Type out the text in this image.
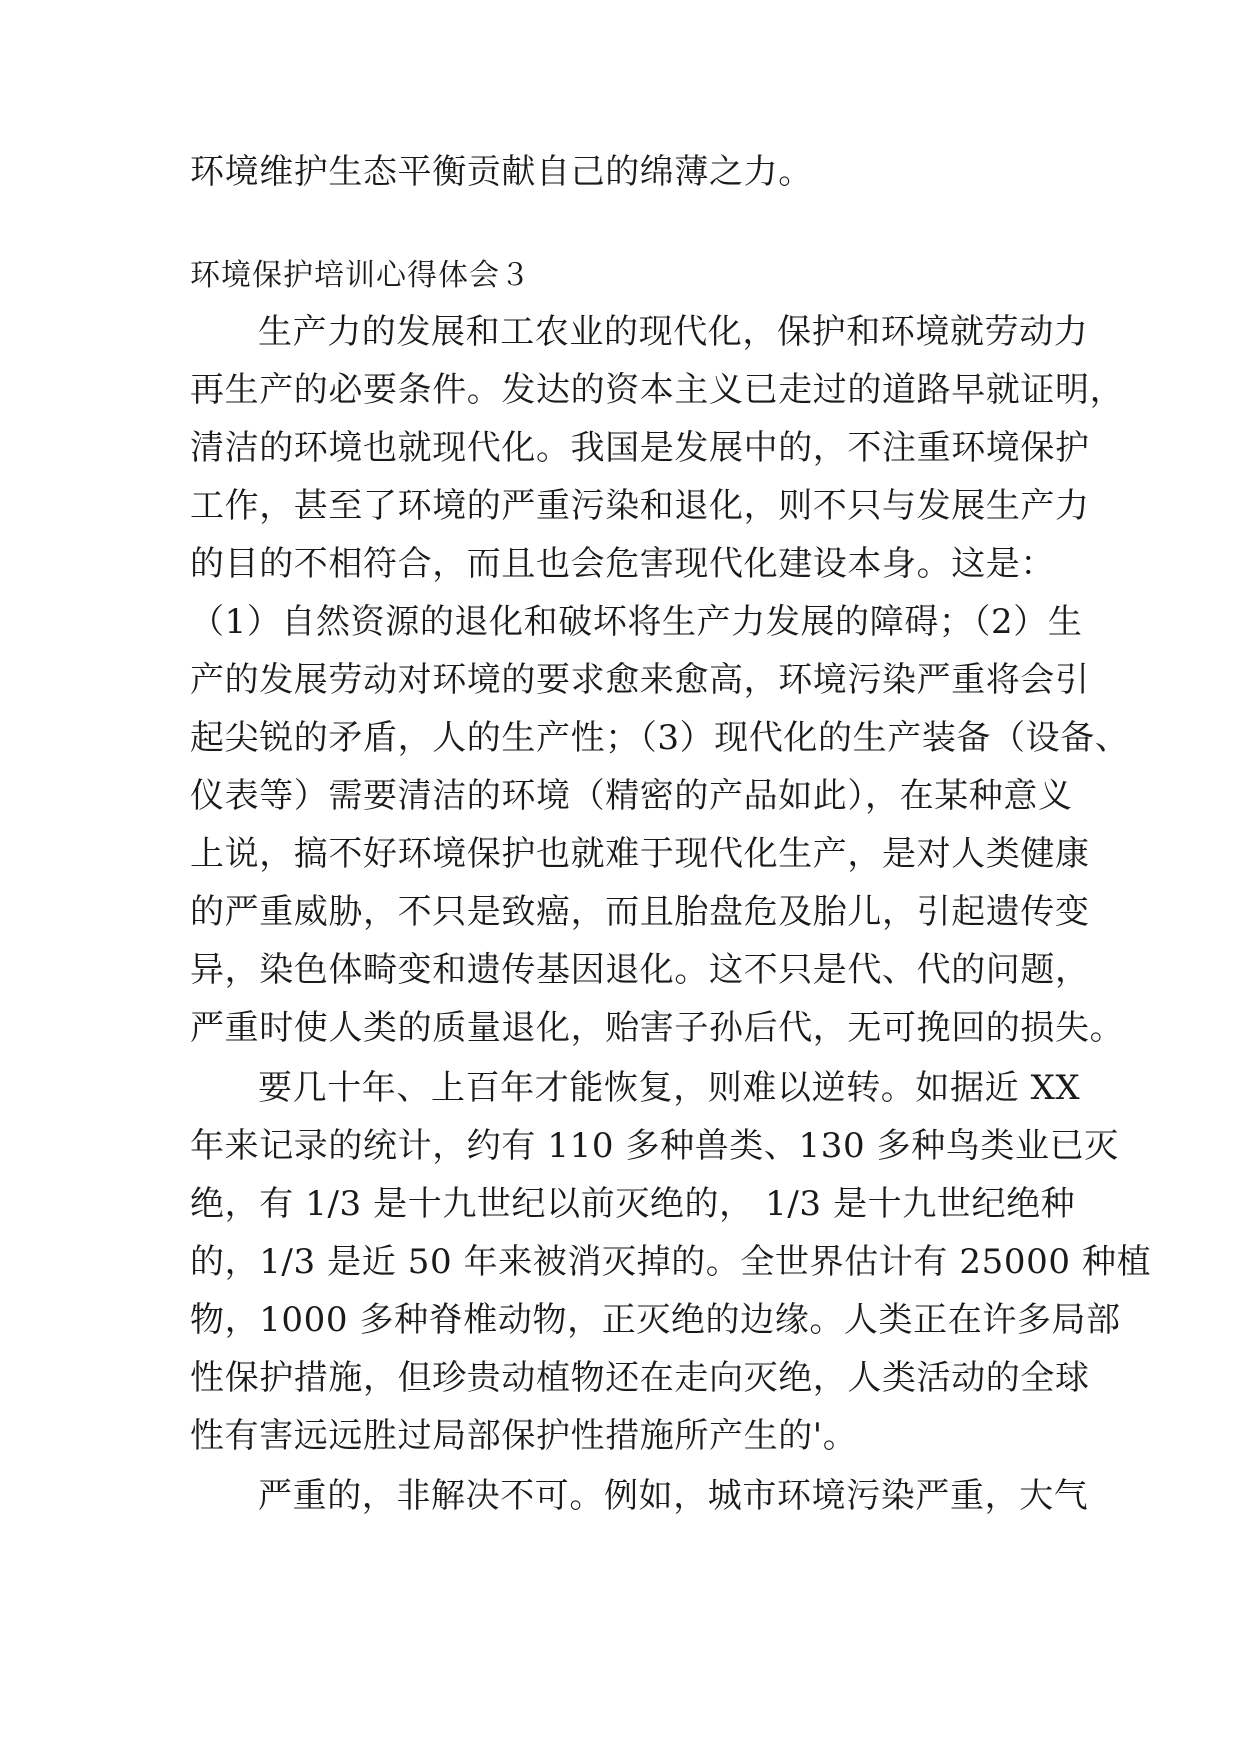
环境维护生态平衡贡献自己的绵薄之力。
环境保护培训心得体会３
生产力的发展和工农业的现代化，保护和环境就劳动力
再生产的必要条件。发达的资本主义已走过的道路早就证明，
清洁的环境也就现代化。我国是发展中的，不注重环境保护
工作，甚至了环境的严重污染和退化，则不只与发展生产力
的目的不相符合，而且也会危害现代化建设本身。这是：
（1）自然资源的退化和破坏将生产力发展的障碍；（2）生
产的发展劳动对环境的要求愈来愈高，环境污染严重将会引
起尖锐的矛盾，人的生产性；（3）现代化的生产装备（设备、
仪表等）需要清洁的环境（精密的产品如此），在某种意义
上说，搞不好环境保护也就难于现代化生产，是对人类健康
的严重威胁，不只是致癌，而且胎盘危及胎儿，引起遗传变
异，染色体畸变和遗传基因退化。这不只是代、代的问题，
严重时使人类的质量退化，贻害子孙后代，无可挽回的损失。
要几十年、上百年才能恢复，则难以逆转。如据近 XX
年来记录的统计，约有 110 多种兽类、130 多种鸟类业已灭
绝，有 1/3 是十九世纪以前灭绝的， 1/3 是十九世纪绝种
的，1/3 是近 50 年来被消灭掉的。全世界估计有 25000 种植
物，1000 多种脊椎动物，正灭绝的边缘。人类正在许多局部
性保护措施，但珍贵动植物还在走向灭绝，人类活动的全球
性有害远远胜过局部保护性措施所产生的'。
严重的，非解决不可。例如，城市环境污染严重，大气
